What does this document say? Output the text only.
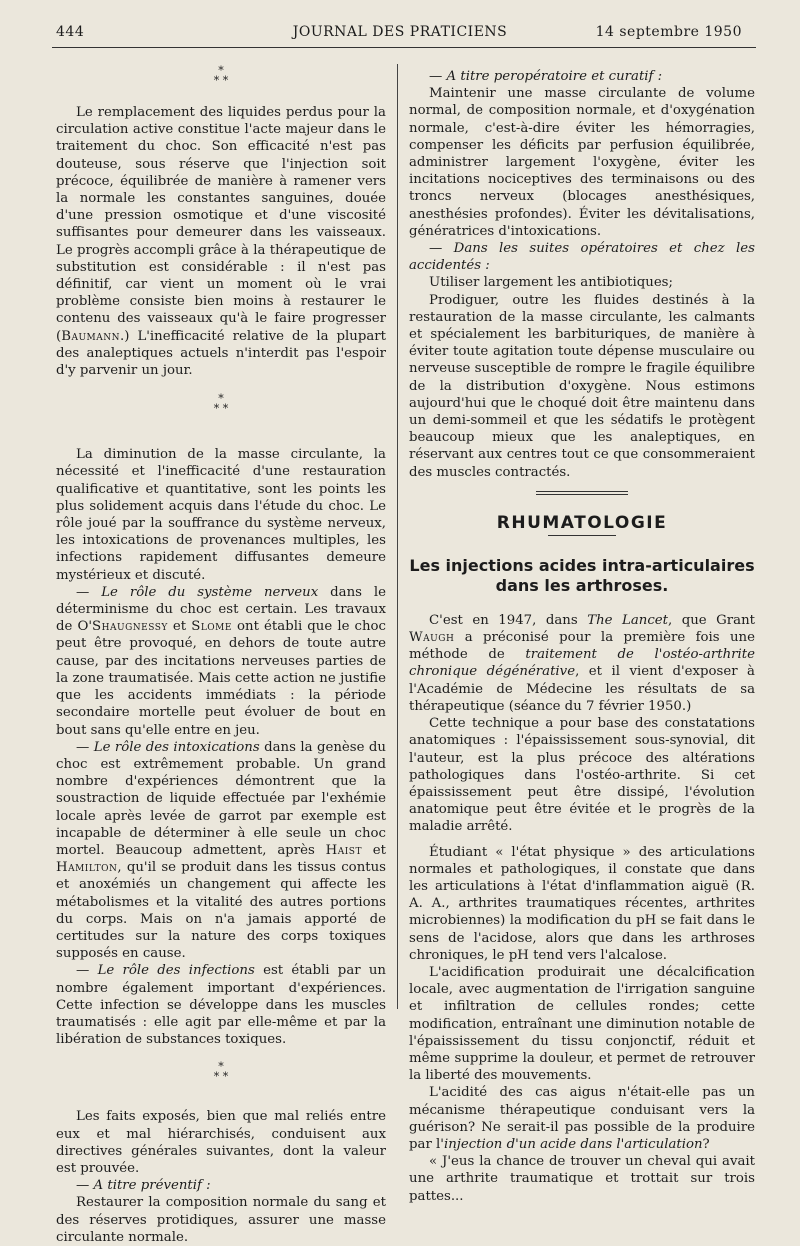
444	JOURNAL DES PRATICIENS	14 septembre 1950
*
* *

Le remplacement des liquides perdus pour la circulation active constitue l'acte majeur dans le traitement du choc. Son efficacité n'est pas douteuse, sous réserve que l'injection soit précoce, équilibrée de manière à ramener vers la normale les constantes sanguines, douée d'une pression osmotique et d'une viscosité suffisantes pour demeurer dans les vaisseaux. Le progrès accompli grâce à la thérapeutique de substitution est considérable : il n'est pas définitif, car vient un moment où le vrai problème consiste bien moins à restaurer le contenu des vaisseaux qu'à le faire progresser (Baumann.) L'inefficacité relative de la plupart des analeptiques actuels n'interdit pas l'espoir d'y parvenir un jour.

*
* *

La diminution de la masse circulante, la nécessité et l'inefficacité d'une restauration qualificative et quantitative, sont les points les plus solidement acquis dans l'étude du choc. Le rôle joué par la souffrance du système nerveux, les intoxications de provenances multiples, les infections rapidement diffusantes demeure mystérieux et discuté.

— Le rôle du système nerveux dans le déterminisme du choc est certain. Les travaux de O'Shaugnessy et Slome ont établi que le choc peut être provoqué, en dehors de toute autre cause, par des incitations nerveuses parties de la zone traumatisée. Mais cette action ne justifie que les accidents immédiats : la période secondaire mortelle peut évoluer de bout en bout sans qu'elle entre en jeu.

— Le rôle des intoxications dans la genèse du choc est extrêmement probable. Un grand nombre d'expériences démontrent que la soustraction de liquide effectuée par l'exhémie locale après levée de garrot par exemple est incapable de déterminer à elle seule un choc mortel. Beaucoup admettent, après Haist et Hamilton, qu'il se produit dans les tissus contus et anoxémiés un changement qui affecte les métabolismes et la vitalité des autres portions du corps. Mais on n'a jamais apporté de certitudes sur la nature des corps toxiques supposés en cause.

— Le rôle des infections est établi par un nombre également important d'expériences. Cette infection se développe dans les muscles traumatisés : elle agit par elle-même et par la libération de substances toxiques.

*
* *

Les faits exposés, bien que mal reliés entre eux et mal hiérarchisés, conduisent aux directives générales suivantes, dont la valeur est prouvée.

— A titre préventif :

Restaurer la composition normale du sang et des réserves protidiques, assurer une masse circulante normale.

— A titre peropératoire et curatif :

Maintenir une masse circulante de volume normal, de composition normale, et d'oxygénation normale, c'est-à-dire éviter les hémorragies, compenser les déficits par perfusion équilibrée, administrer largement l'oxygène, éviter les incitations nociceptives des terminaisons ou des troncs nerveux (blocages anesthésiques, anesthésies profondes). Éviter les dévitalisations, génératrices d'intoxications.

— Dans les suites opératoires et chez les accidentés :

Utiliser largement les antibiotiques;

Prodiguer, outre les fluides destinés à la restauration de la masse circulante, les calmants et spécialement les barbituriques, de manière à éviter toute agitation toute dépense musculaire ou nerveuse susceptible de rompre le fragile équilibre de la distribution d'oxygène. Nous estimons aujourd'hui que le choqué doit être maintenu dans un demi-sommeil et que les sédatifs le protègent beaucoup mieux que les analeptiques, en réservant aux centres tout ce que consommeraient des muscles contractés.

RHUMATOLOGIE
Les injections acides intra-articulaires dans les arthroses.

C'est en 1947, dans The Lancet, que Grant Waugh a préconisé pour la première fois une méthode de traitement de l'ostéo-arthrite chronique dégénérative, et il vient d'exposer à l'Académie de Médecine les résultats de sa thérapeutique (séance du 7 février 1950.)

Cette technique a pour base des constatations anatomiques : l'épaississement sous-synovial, dit l'auteur, est la plus précoce des altérations pathologiques dans l'ostéo-arthrite. Si cet épaississement peut être dissipé, l'évolution anatomique peut être évitée et le progrès de la maladie arrêté.

Étudiant « l'état physique » des articulations normales et pathologiques, il constate que dans les articulations à l'état d'inflammation aiguë (R. A. A., arthrites traumatiques récentes, arthrites microbiennes) la modification du pH se fait dans le sens de l'acidose, alors que dans les arthroses chroniques, le pH tend vers l'alcalose.

L'acidification produirait une décalcification locale, avec augmentation de l'irrigation sanguine et infiltration de cellules rondes; cette modification, entraînant une diminution notable de l'épaississement du tissu conjonctif, réduit et même supprime la douleur, et permet de retrouver la liberté des mouvements.

L'acidité des cas aigus n'était-elle pas un mécanisme thérapeutique conduisant vers la guérison? Ne serait-il pas possible de la produire par l'injection d'un acide dans l'articulation?

« J'eus la chance de trouver un cheval qui avait une arthrite traumatique et trottait sur trois pattes...
